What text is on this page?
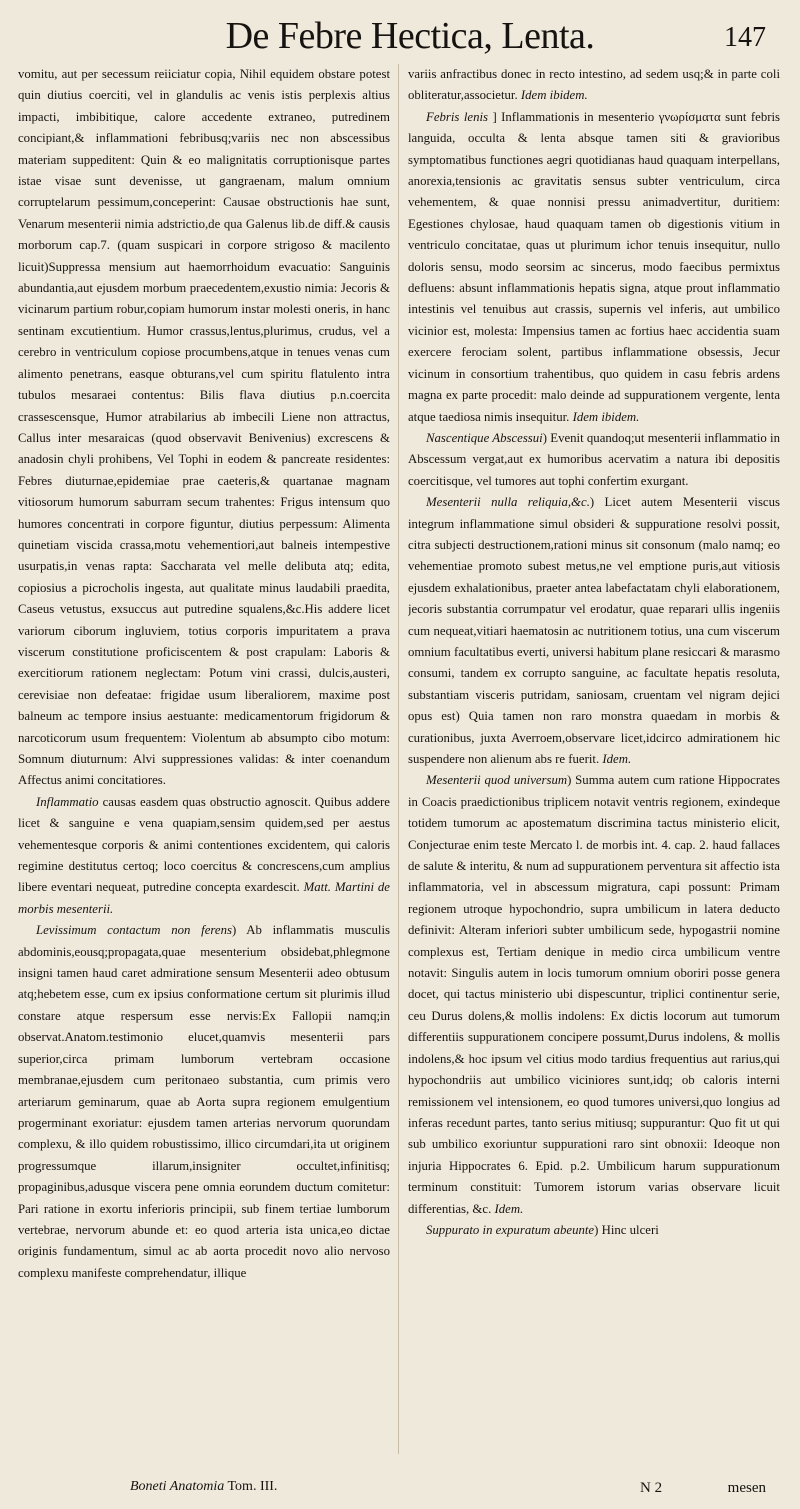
De Febre Hectica, Lenta.	147

vomitu, aut per secessum reiiciatur copia, Nihil equidem obstare potest quin diutius coerciti, vel in glandulis ac venis istis perplexis altius impacti, imbibitique, calore accedente extraneo, putredinem concipiant,& inflammationi febribusq;variis nec non abscessibus materiam suppeditent: Quin & eo malignitatis corruptionisque partes istae visae sunt devenisse, ut gangraenam, malum omnium corruptelarum pessimum,conceperint: Causae obstructionis hae sunt, Venarum mesenterii nimia adstrictio,de qua Galenus lib.de diff.& causis morborum cap.7. (quam suspicari in corpore strigoso & macilento licuit)Suppressa mensium aut haemorrhoidum evacuatio: Sanguinis abundantia,aut ejusdem morbum praecedentem,exustio nimia: Jecoris & vicinarum partium robur,copiam humorum instar molesti oneris, in hanc sentinam excutientium. Humor crassus,lentus,plurimus, crudus, vel a cerebro in ventriculum copiose procumbens,atque in tenues venas cum alimento penetrans, easque obturans,vel cum spiritu flatulento intra tubulos mesaraei contentus: Bilis flava diutius p.n.coercita crassescensque, Humor atrabilarius ab imbecili Liene non attractus, Callus inter mesaraicas (quod observavit Benivenius) excrescens & anadosin chyli prohibens, Vel Tophi in eodem & pancreate residentes: Febres diuturnae,epidemiae prae caeteris,& quartanae magnam vitiosorum humorum saburram secum trahentes: Frigus intensum quo humores concentrati in corpore figuntur, diutius perpessum: Alimenta quinetiam viscida crassa,motu vehementiori,aut balneis intempestive usurpatis,in venas rapta: Saccharata vel melle delibuta atq; edita, copiosius a picrocholis ingesta, aut qualitate minus laudabili praedita, Caseus vetustus, exsuccus aut putredine squalens,&c.His addere licet variorum ciborum ingluviem, totius corporis impuritatem a prava viscerum constitutione proficiscentem & post crapulam: Laboris & exercitiorum rationem neglectam: Potum vini crassi, dulcis,austeri, cerevisiae non defeatae: frigidae usum liberaliorem, maxime post balneum ac tempore insius aestuante: medicamentorum frigidorum & narcoticorum usum frequentem: Violentum ab absumpto cibo motum: Somnum diuturnum: Alvi suppressiones validas: & inter coenandum Affectus animi concitatiores.

Inflammatio causas easdem quas obstructio agnoscit. Quibus addere licet & sanguine e vena quapiam,sensim quidem,sed per aestus vehementesque corporis & animi contentiones excidentem, qui caloris regimine destitutus certoq; loco coercitus & concrescens,cum amplius libere eventari nequeat, putredine concepta exardescit. Matt. Martini de morbis mesenterii.

Levissimum contactum non ferens) Ab inflammatis musculis abdominis,eousq;propagata,quae mesenterium obsidebat,phlegmone insigni tamen haud caret admiratione sensum Mesenterii adeo obtusum atq;hebetem esse, cum ex ipsius conformatione certum sit plurimis illud constare atque respersum esse nervis:Ex Fallopii namq;in observat.Anatom.testimonio elucet,quamvis mesenterii pars superior,circa primam lumborum vertebram occasione membranae,ejusdem cum peritonaeo substantia, cum primis vero arteriarum geminarum, quae ab Aorta supra regionem emulgentium progerminant exoriatur: ejusdem tamen arterias nervorum quorundam complexu, & illo quidem robustissimo, illico circumdari,ita ut originem progressumque illarum,insigniter occultet,infinitisq; propaginibus,adusque viscera pene omnia eorundem ductum comitetur: Pari ratione in exortu inferioris principii, sub finem tertiae lumborum vertebrae, nervorum abunde et: eo quod arteria ista unica,eo dictae originis fundamentum, simul ac ab aorta procedit novo alio nervoso complexu manifeste comprehendatur, illique

variis anfractibus donec in recto intestino, ad sedem usq;& in parte coli obliteratur,associetur. Idem ibidem.

Febris lenis ] Inflammationis in mesenterio γνωρίσματα sunt febris languida, occulta & lenta absque tamen siti & gravioribus symptomatibus functiones aegri quotidianas haud quaquam interpellans, anorexia,tensionis ac gravitatis sensus subter ventriculum, circa vehementem, & quae nonnisi pressu animadvertitur, duritiem: Egestiones chylosae, haud quaquam tamen ob digestionis vitium in ventriculo concitatae, quas ut plurimum ichor tenuis insequitur, nullo doloris sensu, modo seorsim ac sincerus, modo faecibus permixtus defluens: absunt inflammationis hepatis signa, atque prout inflammatio intestinis vel tenuibus aut crassis, supernis vel inferis, aut umbilico vicinior est, molesta: Impensius tamen ac fortius haec accidentia suam exercere ferociam solent, partibus inflammatione obsessis, Jecur vicinum in consortium trahentibus, quo quidem in casu febris ardens magna ex parte procedit: malo deinde ad suppurationem vergente, lenta atque taediosa nimis insequitur. Idem ibidem.

Nascentique Abscessui) Evenit quandoq;ut mesenterii inflammatio in Abscessum vergat,aut ex humoribus acervatim a natura ibi depositis coercitisque, vel tumores aut tophi confertim exurgant.

Mesenterii nulla reliquia,&c.) Licet autem Mesenterii viscus integrum inflammatione simul obsideri & suppuratione resolvi possit, citra subjecti destructionem,rationi minus sit consonum (malo namq; eo vehementiae promoto subest metus,ne vel emptione puris,aut vitiosis ejusdem exhalationibus, praeter antea labefactatam chyli elaborationem, jecoris substantia corrumpatur vel erodatur, quae reparari ullis ingeniis cum nequeat,vitiari haematosin ac nutritionem totius, una cum viscerum omnium facultatibus everti, universi habitum plane resiccari & marasmo consumi, tandem ex corrupto sanguine, ac facultate hepatis resoluta, substantiam visceris putridam, saniosam, cruentam vel nigram dejici opus est) Quia tamen non raro monstra quaedam in morbis & curationibus, juxta Averroem,observare licet,idcirco admirationem hic suspendere non alienum abs re fuerit. Idem.

Mesenterii quod universum) Summa autem cum ratione Hippocrates in Coacis praedictionibus triplicem notavit ventris regionem, exindeque totidem tumorum ac apostematum discrimina tactus ministerio elicit, Conjecturae enim teste Mercato l. de morbis int. 4. cap. 2. haud fallaces de salute & interitu, & num ad suppurationem perventura sit affectio ista inflammatoria, vel in abscessum migratura, capi possunt: Primam regionem utroque hypochondrio, supra umbilicum in latera deducto definivit: Alteram inferiori subter umbilicum sede, hypogastrii nomine complexus est, Tertiam denique in medio circa umbilicum ventre notavit: Singulis autem in locis tumorum omnium oboriri posse genera docet, qui tactus ministerio ubi dispescuntur, triplici continentur serie, ceu Durus dolens,& mollis indolens: Ex dictis locorum aut tumorum differentiis suppurationem concipere possumt,Durus indolens, & mollis indolens,& hoc ipsum vel citius modo tardius frequentius aut rarius,qui hypochondriis aut umbilico viciniores sunt,idq; ob caloris interni remissionem vel intensionem, eo quod tumores universi,quo longius ad inferas recedunt partes, tanto serius mitiusq; suppurantur: Quo fit ut qui sub umbilico exoriuntur suppurationi raro sint obnoxii: Ideoque non injuria Hippocrates 6. Epid. p.2. Umbilicum harum suppurationum terminum constituit: Tumorem istorum varias observare licuit differentias, &c. Idem.

Suppurato in expuratum abeunte) Hinc ulceri

Boneti Anatomia Tom. III.	N 2	mesen
